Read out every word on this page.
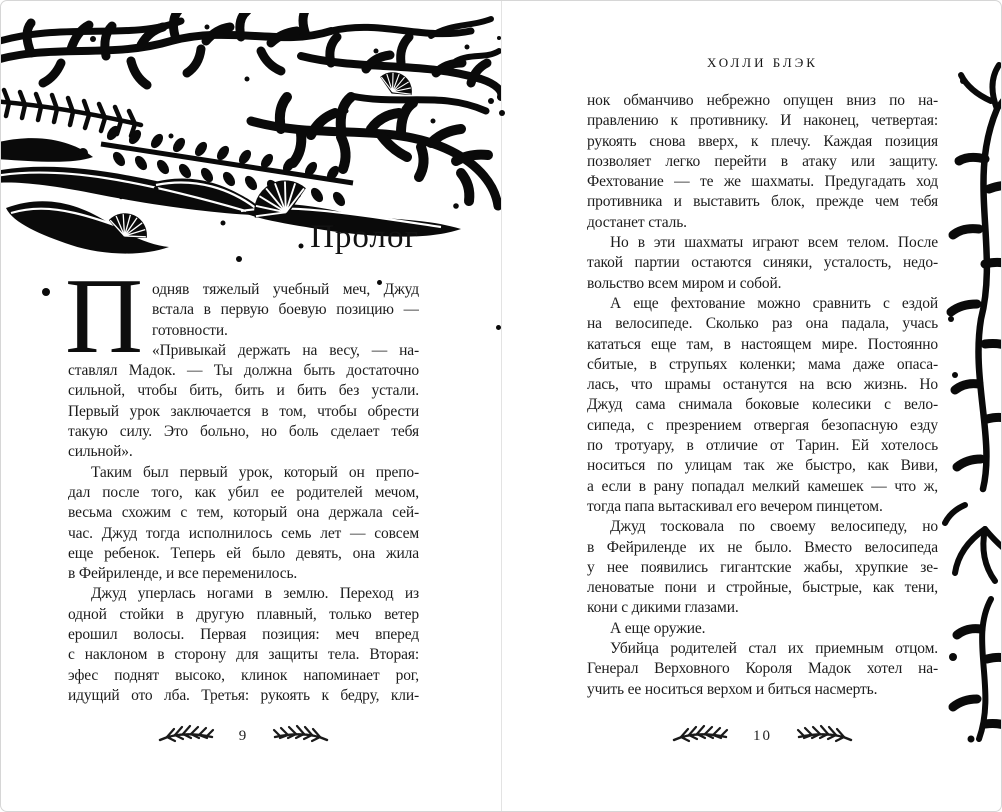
Пролог
П одняв тяжелый учебный меч, Джуд
встала в первую боевую позицию —
готовности.
«Привыкай держать на весу, — на-
ставлял Мадок. — Ты должна быть достаточно
сильной, чтобы бить, бить и бить без устали.
Первый урок заключается в том, чтобы обрести
такую силу. Это больно, но боль сделает тебя
сильной».
Таким был первый урок, который он препо-
дал после того, как убил ее родителей мечом,
весьма схожим с тем, который она держала сей-
час. Джуд тогда исполнилось семь лет — совсем
еще ребенок. Теперь ей было девять, она жила
в Фейриленде, и все переменилось.
Джуд уперлась ногами в землю. Переход из
одной стойки в другую плавный, только ветер
ерошил волосы. Первая позиция: меч вперед
с наклоном в сторону для защиты тела. Вторая:
эфес поднят высоко, клинок напоминает рог,
идущий ото лба. Третья: рукоять к бедру, кли-
9
ХОЛЛИ БЛЭК
нок обманчиво небрежно опущен вниз по на-
правлению к противнику. И наконец, четвертая:
рукоять снова вверх, к плечу. Каждая позиция
позволяет легко перейти в атаку или защиту.
Фехтование — те же шахматы. Предугадать ход
противника и выставить блок, прежде чем тебя
достанет сталь.
Но в эти шахматы играют всем телом. После
такой партии остаются синяки, усталость, недо-
вольство всем миром и собой.
А еще фехтование можно сравнить с ездой
на велосипеде. Сколько раз она падала, учась
кататься еще там, в настоящем мире. Постоянно
сбитые, в струпьях коленки; мама даже опаса-
лась, что шрамы останутся на всю жизнь. Но
Джуд сама снимала боковые колесики с вело-
сипеда, с презрением отвергая безопасную езду
по тротуару, в отличие от Тарин. Ей хотелось
носиться по улицам так же быстро, как Виви,
а если в рану попадал мелкий камешек — что ж,
тогда папа вытаскивал его вечером пинцетом.
Джуд тосковала по своему велосипеду, но
в Фейриленде их не было. Вместо велосипеда
у нее появились гигантские жабы, хрупкие зе-
леноватые пони и стройные, быстрые, как тени,
кони с дикими глазами.
А еще оружие.
Убийца родителей стал их приемным отцом.
Генерал Верховного Короля Мадок хотел на-
учить ее носиться верхом и биться насмерть.
10
